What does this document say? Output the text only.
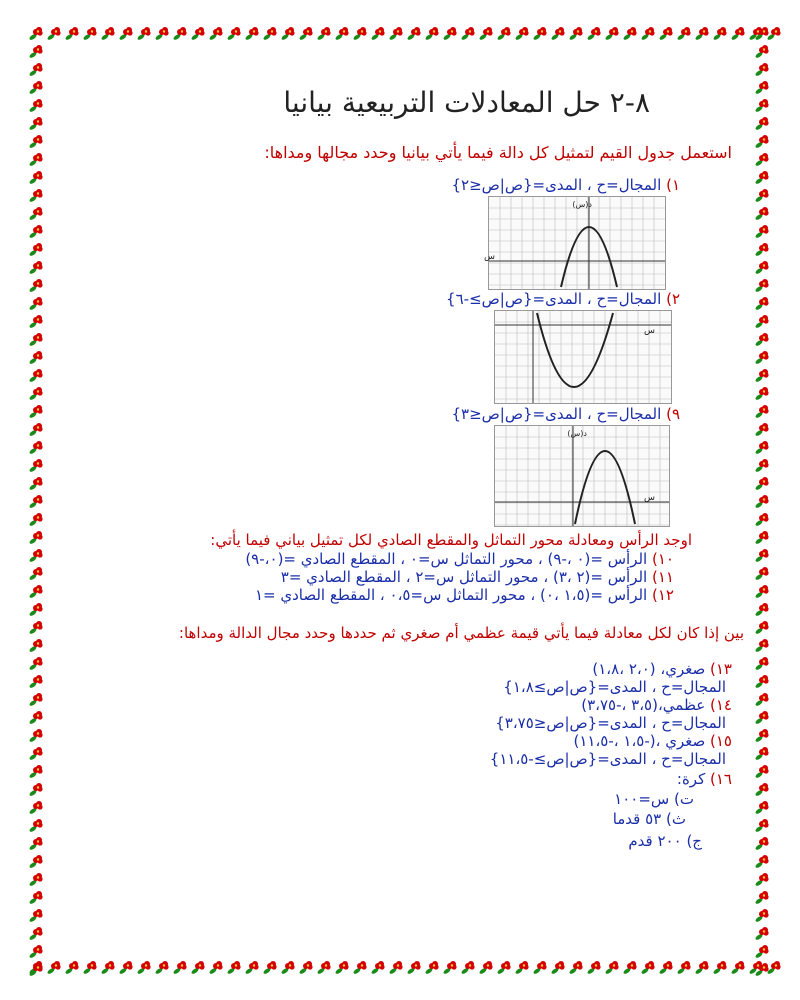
٨-٢ حل المعادلات التربيعية بيانيا
استعمل جدول القيم لتمثيل كل دالة فيما يأتي بيانيا وحدد مجالها ومداها:
١) المجال=ح ، المدى={ص|ص≤٢}
د(س)
س
٢) المجال=ح ، المدى={ص|ص≥-٦}
س
٩) المجال=ح ، المدى={ص|ص≤٣}
د(س)
س
اوجد الرأس ومعادلة محور التماثل والمقطع الصادي لكل تمثيل بياني فيما يأتي:
١٠) الرأس =(٠ ،-٩) ، محور التماثل س=٠ ، المقطع الصادي =(٠،-٩)
١١) الرأس =(٢ ،٣) ، محور التماثل س=٢ ، المقطع الصادي =٣
١٢) الرأس =(١،٥ ،٠) ، محور التماثل س=٠،٥ ، المقطع الصادي =١
بين إذا كان لكل معادلة فيما يأتي قيمة عظمي أم صغري ثم حددها وحدد مجال الدالة ومداها:
١٣) صغري، (٢،٠ ،١،٨)
المجال=ح ، المدى={ص|ص≥١،٨}
١٤) عظمي،(٣،٥ ،-٣،٧٥)
المجال=ح ، المدى={ص|ص≤٣،٧٥}
١٥) صغري ،(-١،٥ ،-١١،٥)
المجال=ح ، المدى={ص|ص≥-١١،٥}
١٦) كرة:
ت) س=١٠٠
ث) ٥٣ قدما
ج) ٢٠٠ قدم
